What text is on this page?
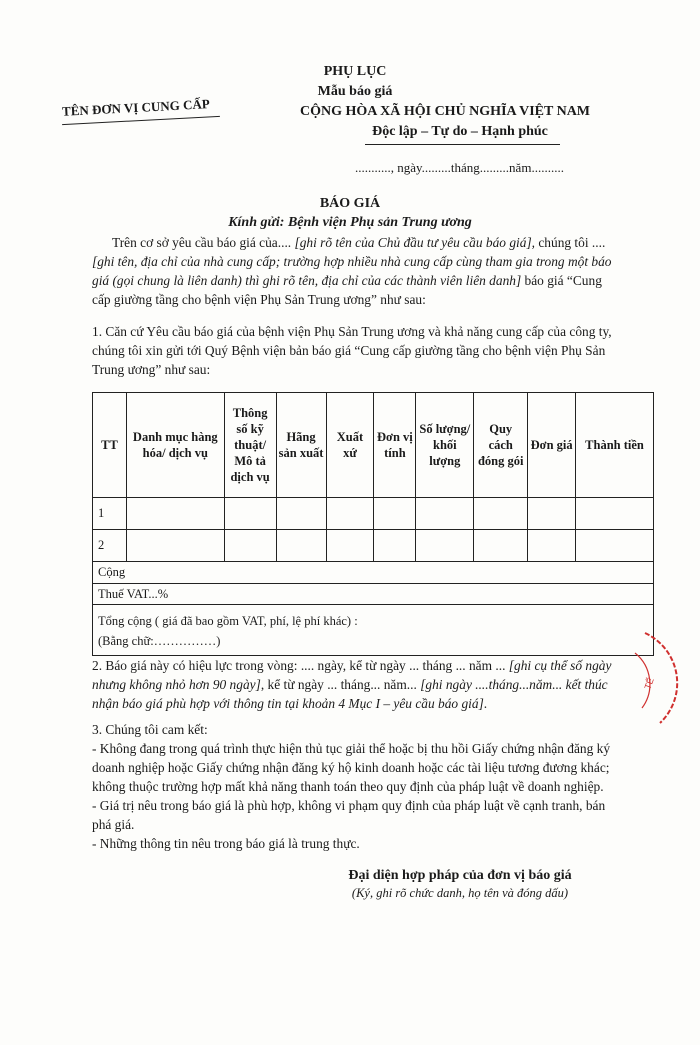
TÊN ĐƠN VỊ CUNG CẤP
PHỤ LỤC
Mẫu báo giá
CỘNG HÒA XÃ HỘI CHỦ NGHĨA VIỆT NAM
Độc lập – Tự do – Hạnh phúc
..........., ngày.........tháng.........năm..........
BÁO GIÁ
Kính gửi: Bệnh viện Phụ sản Trung ương
Trên cơ sở yêu cầu báo giá của.... [ghi rõ tên của Chủ đầu tư yêu cầu báo giá], chúng tôi .... [ghi tên, địa chỉ của nhà cung cấp; trường hợp nhiều nhà cung cấp cùng tham gia trong một báo giá (gọi chung là liên danh) thì ghi rõ tên, địa chỉ của các thành viên liên danh] báo giá “Cung cấp giường tầng cho bệnh viện Phụ Sản Trung ương” như sau:
1. Căn cứ Yêu cầu báo giá của bệnh viện Phụ Sản Trung ương và khả năng cung cấp của công ty, chúng tôi xin gửi tới Quý Bệnh viện bản báo giá “Cung cấp giường tầng cho bệnh viện Phụ Sản Trung ương” như sau:
TT	Danh mục hàng hóa/ dịch vụ	Thông số kỹ thuật/ Mô tả dịch vụ	Hãng sản xuất	Xuất xứ	Đơn vị tính	Số lượng/ khối lượng	Quy cách đóng gói	Đơn giá	Thành tiền
1									
2									
Cộng									
Thuế VAT...%									
Tổng cộng ( giá đã bao gồm VAT, phí, lệ phí khác) :
(Bằng chữ:……………)									
2. Báo giá này có hiệu lực trong vòng: .... ngày, kể từ ngày ... tháng ... năm ... [ghi cụ thể số ngày nhưng không nhỏ hơn 90 ngày], kể từ ngày ... tháng... năm... [ghi ngày ....tháng...năm... kết thúc nhận báo giá phù hợp với thông tin tại khoản 4 Mục I – yêu cầu báo giá].
3. Chúng tôi cam kết:
- Không đang trong quá trình thực hiện thủ tục giải thể hoặc bị thu hồi Giấy chứng nhận đăng ký doanh nghiệp hoặc Giấy chứng nhận đăng ký hộ kinh doanh hoặc các tài liệu tương đương khác; không thuộc trường hợp mất khả năng thanh toán theo quy định của pháp luật về doanh nghiệp.
- Giá trị nêu trong báo giá là phù hợp, không vi phạm quy định của pháp luật về cạnh tranh, bán phá giá.
- Những thông tin nêu trong báo giá là trung thực.
Đại diện hợp pháp của đơn vị báo giá
(Ký, ghi rõ chức danh, họ tên và đóng dấu)
TẾ
